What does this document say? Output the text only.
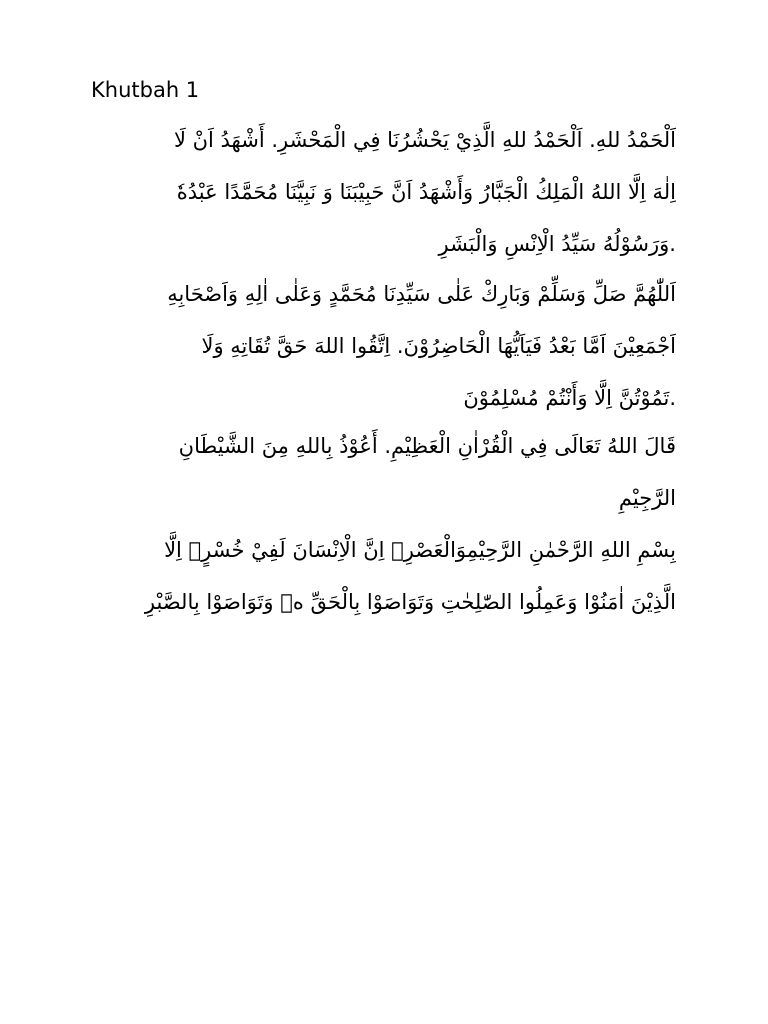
Khutbah 1

اَلْحَمْدُ للهِ. اَلْحَمْدُ للهِ الَّذِيْ يَحْشُرُنَا فِي الْمَحْشَرِ. أَشْهَدُ اَنْ لَا
اِلٰهَ اِلَّا اللهُ الْمَلِكُ الْجَبَّارُ وَأَشْهَدُ اَنَّ حَبِيْبَنَا وَ نَبِيَّنَا مُحَمَّدًا عَبْدُهٗ
.وَرَسُوْلُهُ سَيِّدُ الْاِنْسِ وَالْبَشَرِ

اَللّٰهُمَّ صَلِّ وَسَلِّمْ وَبَارِكْ عَلٰى سَيِّدِنَا مُحَمَّدٍ وَعَلٰى اٰلِهِ وَاَصْحَابِهِ
اَجْمَعِيْنَ اَمَّا بَعْدُ فَيَاَيُّهَا الْحَاضِرُوْنَ. اِتَّقُوا اللهَ حَقَّ تُقَاتِهِ وَلَا
.تَمُوْتُنَّ اِلَّا وَأَنْتُمْ مُسْلِمُوْنَ

قَالَ اللهُ تَعَالَى فِي الْقُرْاٰنِ الْعَظِيْمِ. أَعُوْذُ بِاللهِ مِنَ الشَّيْطَانِ
الرَّجِيْمِ

بِسْمِ اللهِ الرَّحْمٰنِ الرَّحِيْمِوَالْعَصْرِۙ اِنَّ الْاِنْسَانَ لَفِيْ خُسْرٍۙ اِلَّا
الَّذِيْنَ اٰمَنُوْا وَعَمِلُوا الصّٰلِحٰتِ وَتَوَاصَوْا بِالْحَقِّ ەۙ وَتَوَاصَوْا بِالصَّبْرِ
